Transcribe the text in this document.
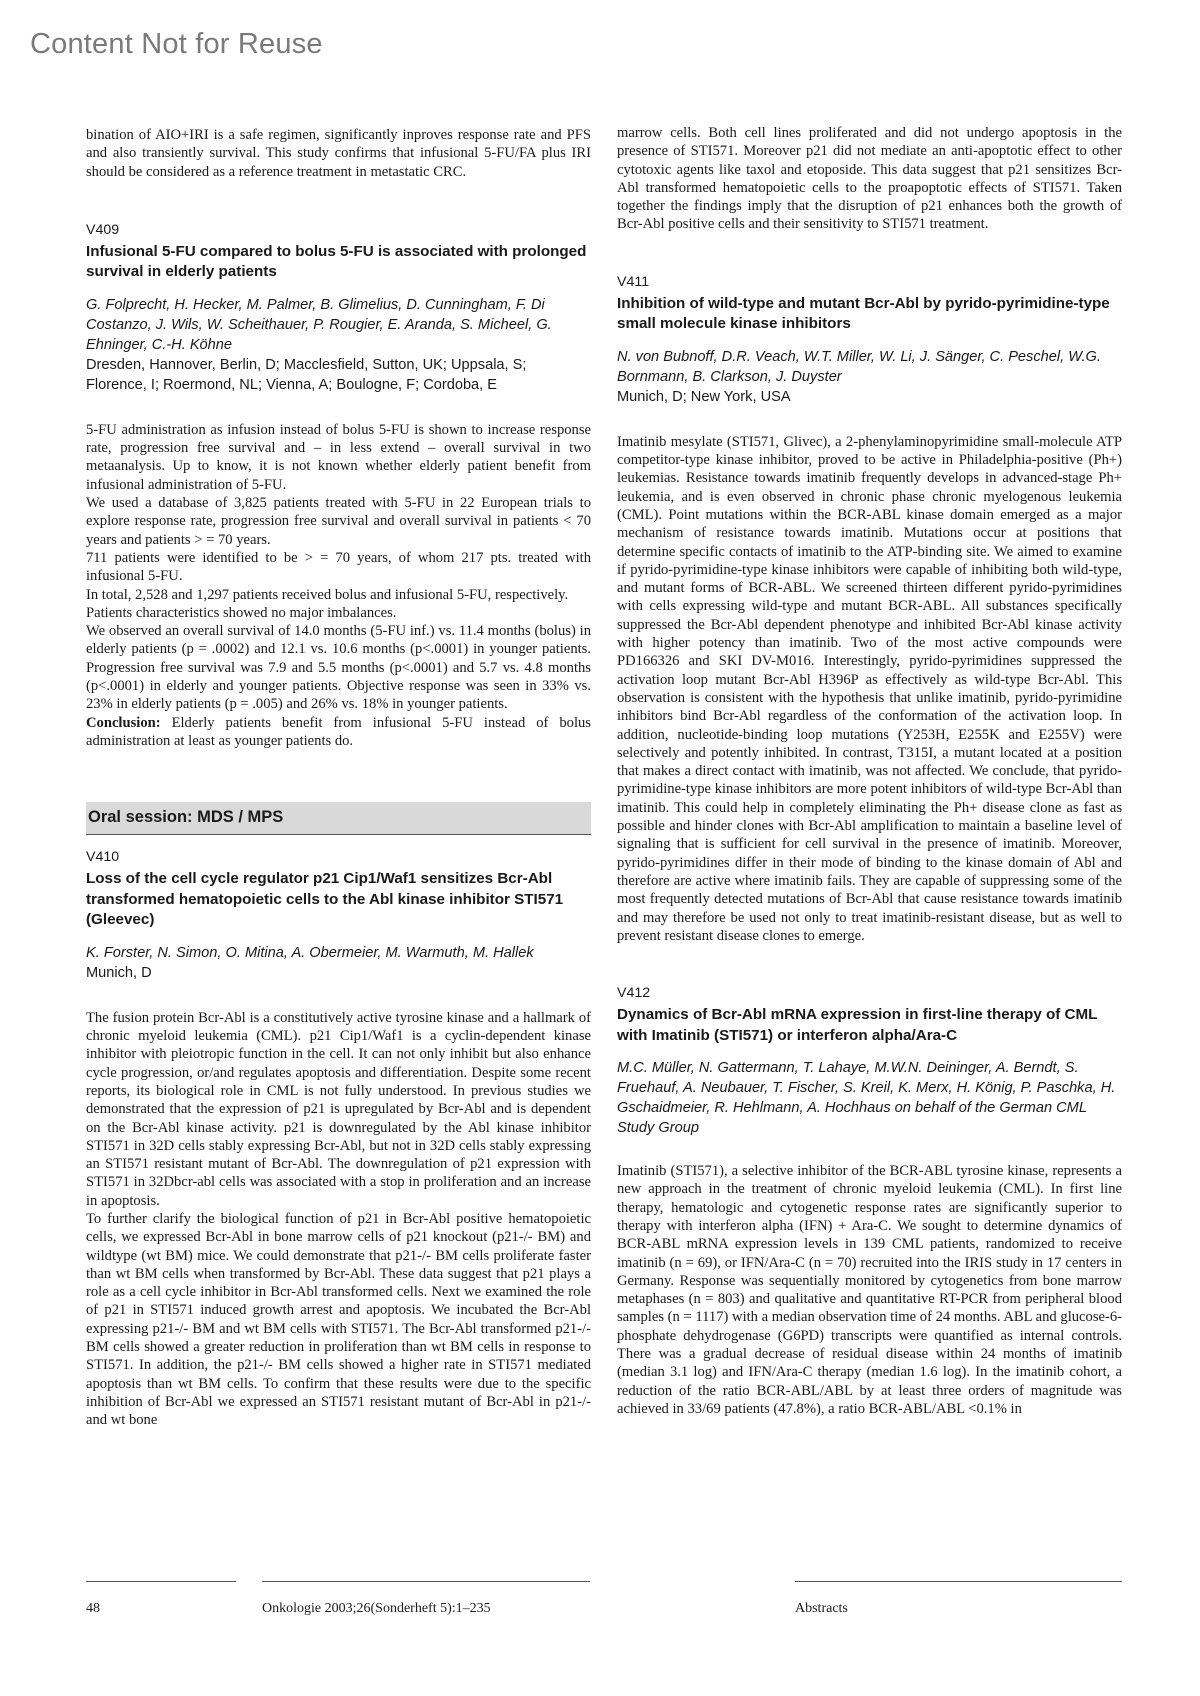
Content Not for Reuse
bination of AIO+IRI is a safe regimen, significantly inproves response rate and PFS and also transiently survival. This study confirms that infusional 5-FU/FA plus IRI should be considered as a reference treatment in metastatic CRC.
V409
Infusional 5-FU compared to bolus 5-FU is associated with prolonged survival in elderly patients
G. Folprecht, H. Hecker, M. Palmer, B. Glimelius, D. Cunningham, F. Di Costanzo, J. Wils, W. Scheithauer, P. Rougier, E. Aranda, S. Micheel, G. Ehninger, C.-H. Köhne
Dresden, Hannover, Berlin, D; Macclesfield, Sutton, UK; Uppsala, S; Florence, I; Roermond, NL; Vienna, A; Boulogne, F; Cordoba, E

5-FU administration as infusion instead of bolus 5-FU is shown to increase response rate, progression free survival and – in less extend – overall survival in two metaanalysis. Up to know, it is not known whether elderly patient benefit from infusional administration of 5-FU.

We used a database of 3,825 patients treated with 5-FU in 22 European trials to explore response rate, progression free survival and overall survival in patients < 70 years and patients > = 70 years.

711 patients were identified to be > = 70 years, of whom 217 pts. treated with infusional 5-FU.

In total, 2,528 and 1,297 patients received bolus and infusional 5-FU, respectively.

Patients characteristics showed no major imbalances.

We observed an overall survival of 14.0 months (5-FU inf.) vs. 11.4 months (bolus) in elderly patients (p = .0002) and 12.1 vs. 10.6 months (p<.0001) in younger patients. Progression free survival was 7.9 and 5.5 months (p<.0001) and 5.7 vs. 4.8 months (p<.0001) in elderly and younger patients. Objective response was seen in 33% vs. 23% in elderly patients (p = .005) and 26% vs. 18% in younger patients.

Conclusion: Elderly patients benefit from infusional 5-FU instead of bolus administration at least as younger patients do.

Oral session: MDS / MPS
V410
Loss of the cell cycle regulator p21 Cip1/Waf1 sensitizes Bcr-Abl transformed hematopoietic cells to the Abl kinase inhibitor STI571 (Gleevec)
K. Forster, N. Simon, O. Mitina, A. Obermeier, M. Warmuth, M. Hallek
Munich, D

The fusion protein Bcr-Abl is a constitutively active tyrosine kinase and a hallmark of chronic myeloid leukemia (CML). p21 Cip1/Waf1 is a cyclin-dependent kinase inhibitor with pleiotropic function in the cell. It can not only inhibit but also enhance cycle progression, or/and regulates apoptosis and differentiation. Despite some recent reports, its biological role in CML is not fully understood. In previous studies we demonstrated that the expression of p21 is upregulated by Bcr-Abl and is dependent on the Bcr-Abl kinase activity. p21 is downregulated by the Abl kinase inhibitor STI571 in 32D cells stably expressing Bcr-Abl, but not in 32D cells stably expressing an STI571 resistant mutant of Bcr-Abl. The downregulation of p21 expression with STI571 in 32Dbcr-abl cells was associated with a stop in proliferation and an increase in apoptosis.

To further clarify the biological function of p21 in Bcr-Abl positive hematopoietic cells, we expressed Bcr-Abl in bone marrow cells of p21 knockout (p21-/- BM) and wildtype (wt BM) mice. We could demonstrate that p21-/- BM cells proliferate faster than wt BM cells when transformed by Bcr-Abl. These data suggest that p21 plays a role as a cell cycle inhibitor in Bcr-Abl transformed cells. Next we examined the role of p21 in STI571 induced growth arrest and apoptosis. We incubated the Bcr-Abl expressing p21-/- BM and wt BM cells with STI571. The Bcr-Abl transformed p21-/- BM cells showed a greater reduction in proliferation than wt BM cells in response to STI571. In addition, the p21-/- BM cells showed a higher rate in STI571 mediated apoptosis than wt BM cells. To confirm that these results were due to the specific inhibition of Bcr-Abl we expressed an STI571 resistant mutant of Bcr-Abl in p21-/- and wt bone

marrow cells. Both cell lines proliferated and did not undergo apoptosis in the presence of STI571. Moreover p21 did not mediate an anti-apoptotic effect to other cytotoxic agents like taxol and etoposide. This data suggest that p21 sensitizes Bcr-Abl transformed hematopoietic cells to the proapoptotic effects of STI571. Taken together the findings imply that the disruption of p21 enhances both the growth of Bcr-Abl positive cells and their sensitivity to STI571 treatment.
V411
Inhibition of wild-type and mutant Bcr-Abl by pyrido-pyrimidine-type small molecule kinase inhibitors
N. von Bubnoff, D.R. Veach, W.T. Miller, W. Li, J. Sänger, C. Peschel, W.G. Bornmann, B. Clarkson, J. Duyster
Munich, D; New York, USA

Imatinib mesylate (STI571, Glivec), a 2-phenylaminopyrimidine small-molecule ATP competitor-type kinase inhibitor, proved to be active in Philadelphia-positive (Ph+) leukemias. Resistance towards imatinib frequently develops in advanced-stage Ph+ leukemia, and is even observed in chronic phase chronic myelogenous leukemia (CML). Point mutations within the BCR-ABL kinase domain emerged as a major mechanism of resistance towards imatinib. Mutations occur at positions that determine specific contacts of imatinib to the ATP-binding site. We aimed to examine if pyrido-pyrimidine-type kinase inhibitors were capable of inhibiting both wild-type, and mutant forms of BCR-ABL. We screened thirteen different pyrido-pyrimidines with cells expressing wild-type and mutant BCR-ABL. All substances specifically suppressed the Bcr-Abl dependent phenotype and inhibited Bcr-Abl kinase activity with higher potency than imatinib. Two of the most active compounds were PD166326 and SKI DV-M016. Interestingly, pyrido-pyrimidines suppressed the activation loop mutant Bcr-Abl H396P as effectively as wild-type Bcr-Abl. This observation is consistent with the hypothesis that unlike imatinib, pyrido-pyrimidine inhibitors bind Bcr-Abl regardless of the conformation of the activation loop. In addition, nucleotide-binding loop mutations (Y253H, E255K and E255V) were selectively and potently inhibited. In contrast, T315I, a mutant located at a position that makes a direct contact with imatinib, was not affected. We conclude, that pyrido-pyrimidine-type kinase inhibitors are more potent inhibitors of wild-type Bcr-Abl than imatinib. This could help in completely eliminating the Ph+ disease clone as fast as possible and hinder clones with Bcr-Abl amplification to maintain a baseline level of signaling that is sufficient for cell survival in the presence of imatinib. Moreover, pyrido-pyrimidines differ in their mode of binding to the kinase domain of Abl and therefore are active where imatinib fails. They are capable of suppressing some of the most frequently detected mutations of Bcr-Abl that cause resistance towards imatinib and may therefore be used not only to treat imatinib-resistant disease, but as well to prevent resistant disease clones to emerge.

V412
Dynamics of Bcr-Abl mRNA expression in first-line therapy of CML with Imatinib (STI571) or interferon alpha/Ara-C
M.C. Müller, N. Gattermann, T. Lahaye, M.W.N. Deininger, A. Berndt, S. Fruehauf, A. Neubauer, T. Fischer, S. Kreil, K. Merx, H. König, P. Paschka, H. Gschaidmeier, R. Hehlmann, A. Hochhaus on behalf of the German CML Study Group

Imatinib (STI571), a selective inhibitor of the BCR-ABL tyrosine kinase, represents a new approach in the treatment of chronic myeloid leukemia (CML). In first line therapy, hematologic and cytogenetic response rates are significantly superior to therapy with interferon alpha (IFN) + Ara-C. We sought to determine dynamics of BCR-ABL mRNA expression levels in 139 CML patients, randomized to receive imatinib (n = 69), or IFN/Ara-C (n = 70) recruited into the IRIS study in 17 centers in Germany. Response was sequentially monitored by cytogenetics from bone marrow metaphases (n = 803) and qualitative and quantitative RT-PCR from peripheral blood samples (n = 1117) with a median observation time of 24 months. ABL and glucose-6-phosphate dehydrogenase (G6PD) transcripts were quantified as internal controls. There was a gradual decrease of residual disease within 24 months of imatinib (median 3.1 log) and IFN/Ara-C therapy (median 1.6 log). In the imatinib cohort, a reduction of the ratio BCR-ABL/ABL by at least three orders of magnitude was achieved in 33/69 patients (47.8%), a ratio BCR-ABL/ABL <0.1% in

48	Onkologie 2003;26(Sonderheft 5):1–235	Abstracts
